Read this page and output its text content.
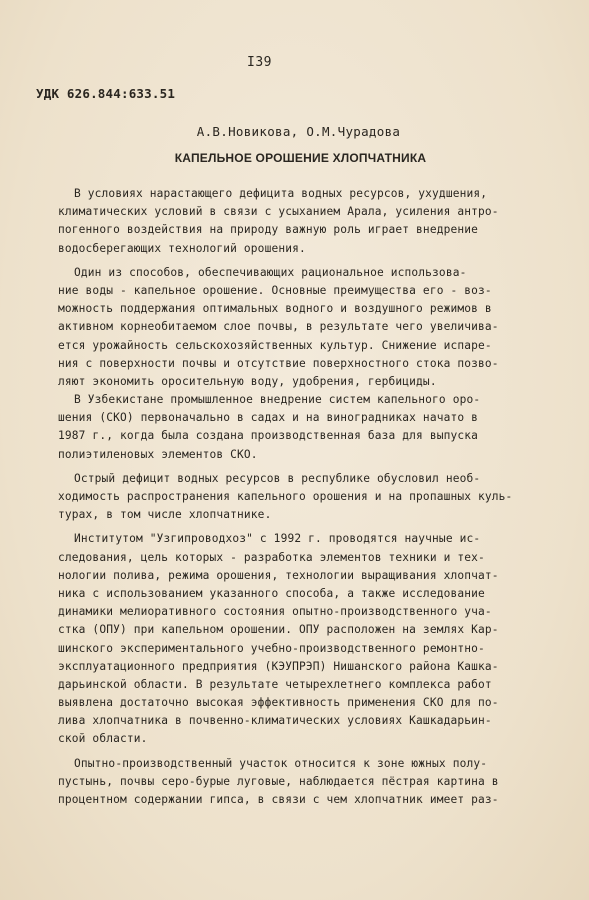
I39
УДК 626.844:633.51
А.В.Новикова, О.М.Чурадова
КАПЕЛЬНОЕ ОРОШЕНИЕ ХЛОПЧАТНИКА
В условиях нарастающего дефицита водных ресурсов, ухудшения,
климатических условий в связи с усыханием Арала, усиления антро-
погенного воздействия на природу важную роль играет внедрение
водосберегающих технологий орошения.
Один из способов, обеспечивающих рациональное использова-
ние воды - капельное орошение. Основные преимущества его - воз-
можность поддержания оптимальных водного и воздушного режимов в
активном корнеобитаемом слое почвы, в результате чего увеличива-
ется урожайность сельскохозяйственных культур. Снижение испаре-
ния с поверхности почвы и отсутствие поверхностного стока позво-
ляют экономить оросительную воду, удобрения, гербициды.
В Узбекистане промышленное внедрение систем капельного оро-
шения (СКО) первоначально в садах и на виноградниках начато в
1987 г., когда была создана производственная база для выпуска
полиэтиленовых элементов СКО.
Острый дефицит водных ресурсов в республике обусловил необ-
ходимость распространения капельного орошения и на пропашных куль-
турах, в том числе хлопчатнике.
Институтом "Узгипроводхоз" с 1992 г. проводятся научные ис-
следования, цель которых - разработка элементов техники и тех-
нологии полива, режима орошения, технологии выращивания хлопчат-
ника с использованием указанного способа, а также исследование
динамики мелиоративного состояния опытно-производственного уча-
стка (ОПУ) при капельном орошении. ОПУ расположен на землях Кар-
шинского экспериментального учебно-производственного ремонтно-
эксплуатационного предприятия (КЭУПРЭП) Нишанского района Кашка-
дарьинской области. В результате четырехлетнего комплекса работ
выявлена достаточно высокая эффективность применения СКО для по-
лива хлопчатника в почвенно-климатических условиях Кашкадарьин-
ской области.
Опытно-производственный участок относится к зоне южных полу-
пустынь, почвы серо-бурые луговые, наблюдается пёстрая картина в
процентном содержании гипса, в связи с чем хлопчатник имеет раз-
